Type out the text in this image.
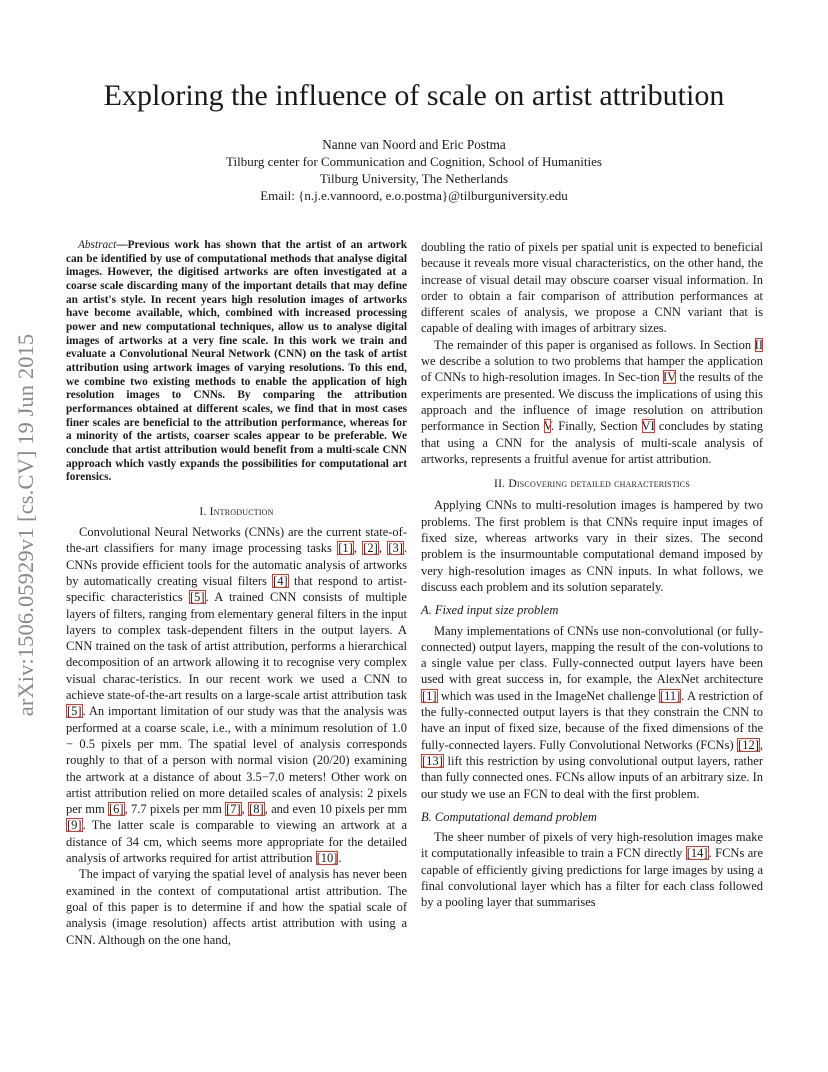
arXiv:1506.05929v1 [cs.CV] 19 Jun 2015
Exploring the influence of scale on artist attribution
Nanne van Noord and Eric Postma
Tilburg center for Communication and Cognition, School of Humanities
Tilburg University, The Netherlands
Email: {n.j.e.vannoord, e.o.postma}@tilburguniversity.edu

Abstract—Previous work has shown that the artist of an artwork can be identified by use of computational methods that analyse digital images. However, the digitised artworks are often investigated at a coarse scale discarding many of the important details that may define an artist's style. In recent years high resolution images of artworks have become available, which, combined with increased processing power and new computational techniques, allow us to analyse digital images of artworks at a very fine scale. In this work we train and evaluate a Convolutional Neural Network (CNN) on the task of artist attribution using artwork images of varying resolutions. To this end, we combine two existing methods to enable the application of high resolution images to CNNs. By comparing the attribution performances obtained at different scales, we find that in most cases finer scales are beneficial to the attribution performance, whereas for a minority of the artists, coarser scales appear to be preferable. We conclude that artist attribution would benefit from a multi-scale CNN approach which vastly expands the possibilities for computational art forensics.

I. Introduction

Convolutional Neural Networks (CNNs) are the current state-of-the-art classifiers for many image processing tasks [1], [2], [3]. CNNs provide efficient tools for the automatic analysis of artworks by automatically creating visual filters [4] that respond to artist-specific characteristics [5]. A trained CNN consists of multiple layers of filters, ranging from elementary general filters in the input layers to complex task-dependent filters in the output layers. A CNN trained on the task of artist attribution, performs a hierarchical decomposition of an artwork allowing it to recognise very complex visual charac-teristics. In our recent work we used a CNN to achieve state-of-the-art results on a large-scale artist attribution task [5]. An important limitation of our study was that the analysis was performed at a coarse scale, i.e., with a minimum resolution of 1.0 − 0.5 pixels per mm. The spatial level of analysis corresponds roughly to that of a person with normal vision (20/20) examining the artwork at a distance of about 3.5−7.0 meters! Other work on artist attribution relied on more detailed scales of analysis: 2 pixels per mm [6], 7.7 pixels per mm [7], [8], and even 10 pixels per mm [9]. The latter scale is comparable to viewing an artwork at a distance of 34 cm, which seems more appropriate for the detailed analysis of artworks required for artist attribution [10].

The impact of varying the spatial level of analysis has never been examined in the context of computational artist attribution. The goal of this paper is to determine if and how the spatial scale of analysis (image resolution) affects artist attribution with using a CNN. Although on the one hand,

doubling the ratio of pixels per spatial unit is expected to beneficial because it reveals more visual characteristics, on the other hand, the increase of visual detail may obscure coarser visual information. In order to obtain a fair comparison of attribution performances at different scales of analysis, we propose a CNN variant that is capable of dealing with images of arbitrary sizes.

The remainder of this paper is organised as follows. In Section II we describe a solution to two problems that hamper the application of CNNs to high-resolution images. In Sec-tion IV the results of the experiments are presented. We discuss the implications of using this approach and the influence of image resolution on attribution performance in Section V. Finally, Section VI concludes by stating that using a CNN for the analysis of multi-scale analysis of artworks, represents a fruitful avenue for artist attribution.

II. Discovering detailed characteristics

Applying CNNs to multi-resolution images is hampered by two problems. The first problem is that CNNs require input images of fixed size, whereas artworks vary in their sizes. The second problem is the insurmountable computational demand imposed by very high-resolution images as CNN inputs. In what follows, we discuss each problem and its solution separately.

A. Fixed input size problem

Many implementations of CNNs use non-convolutional (or fully-connected) output layers, mapping the result of the con-volutions to a single value per class. Fully-connected output layers have been used with great success in, for example, the AlexNet architecture [1] which was used in the ImageNet challenge [11]. A restriction of the fully-connected output layers is that they constrain the CNN to have an input of fixed size, because of the fixed dimensions of the fully-connected layers. Fully Convolutional Networks (FCNs) [12], [13] lift this restriction by using convolutional output layers, rather than fully connected ones. FCNs allow inputs of an arbitrary size. In our study we use an FCN to deal with the first problem.

B. Computational demand problem

The sheer number of pixels of very high-resolution images make it computationally infeasible to train a FCN directly [14]. FCNs are capable of efficiently giving predictions for large images by using a final convolutional layer which has a filter for each class followed by a pooling layer that summarises
